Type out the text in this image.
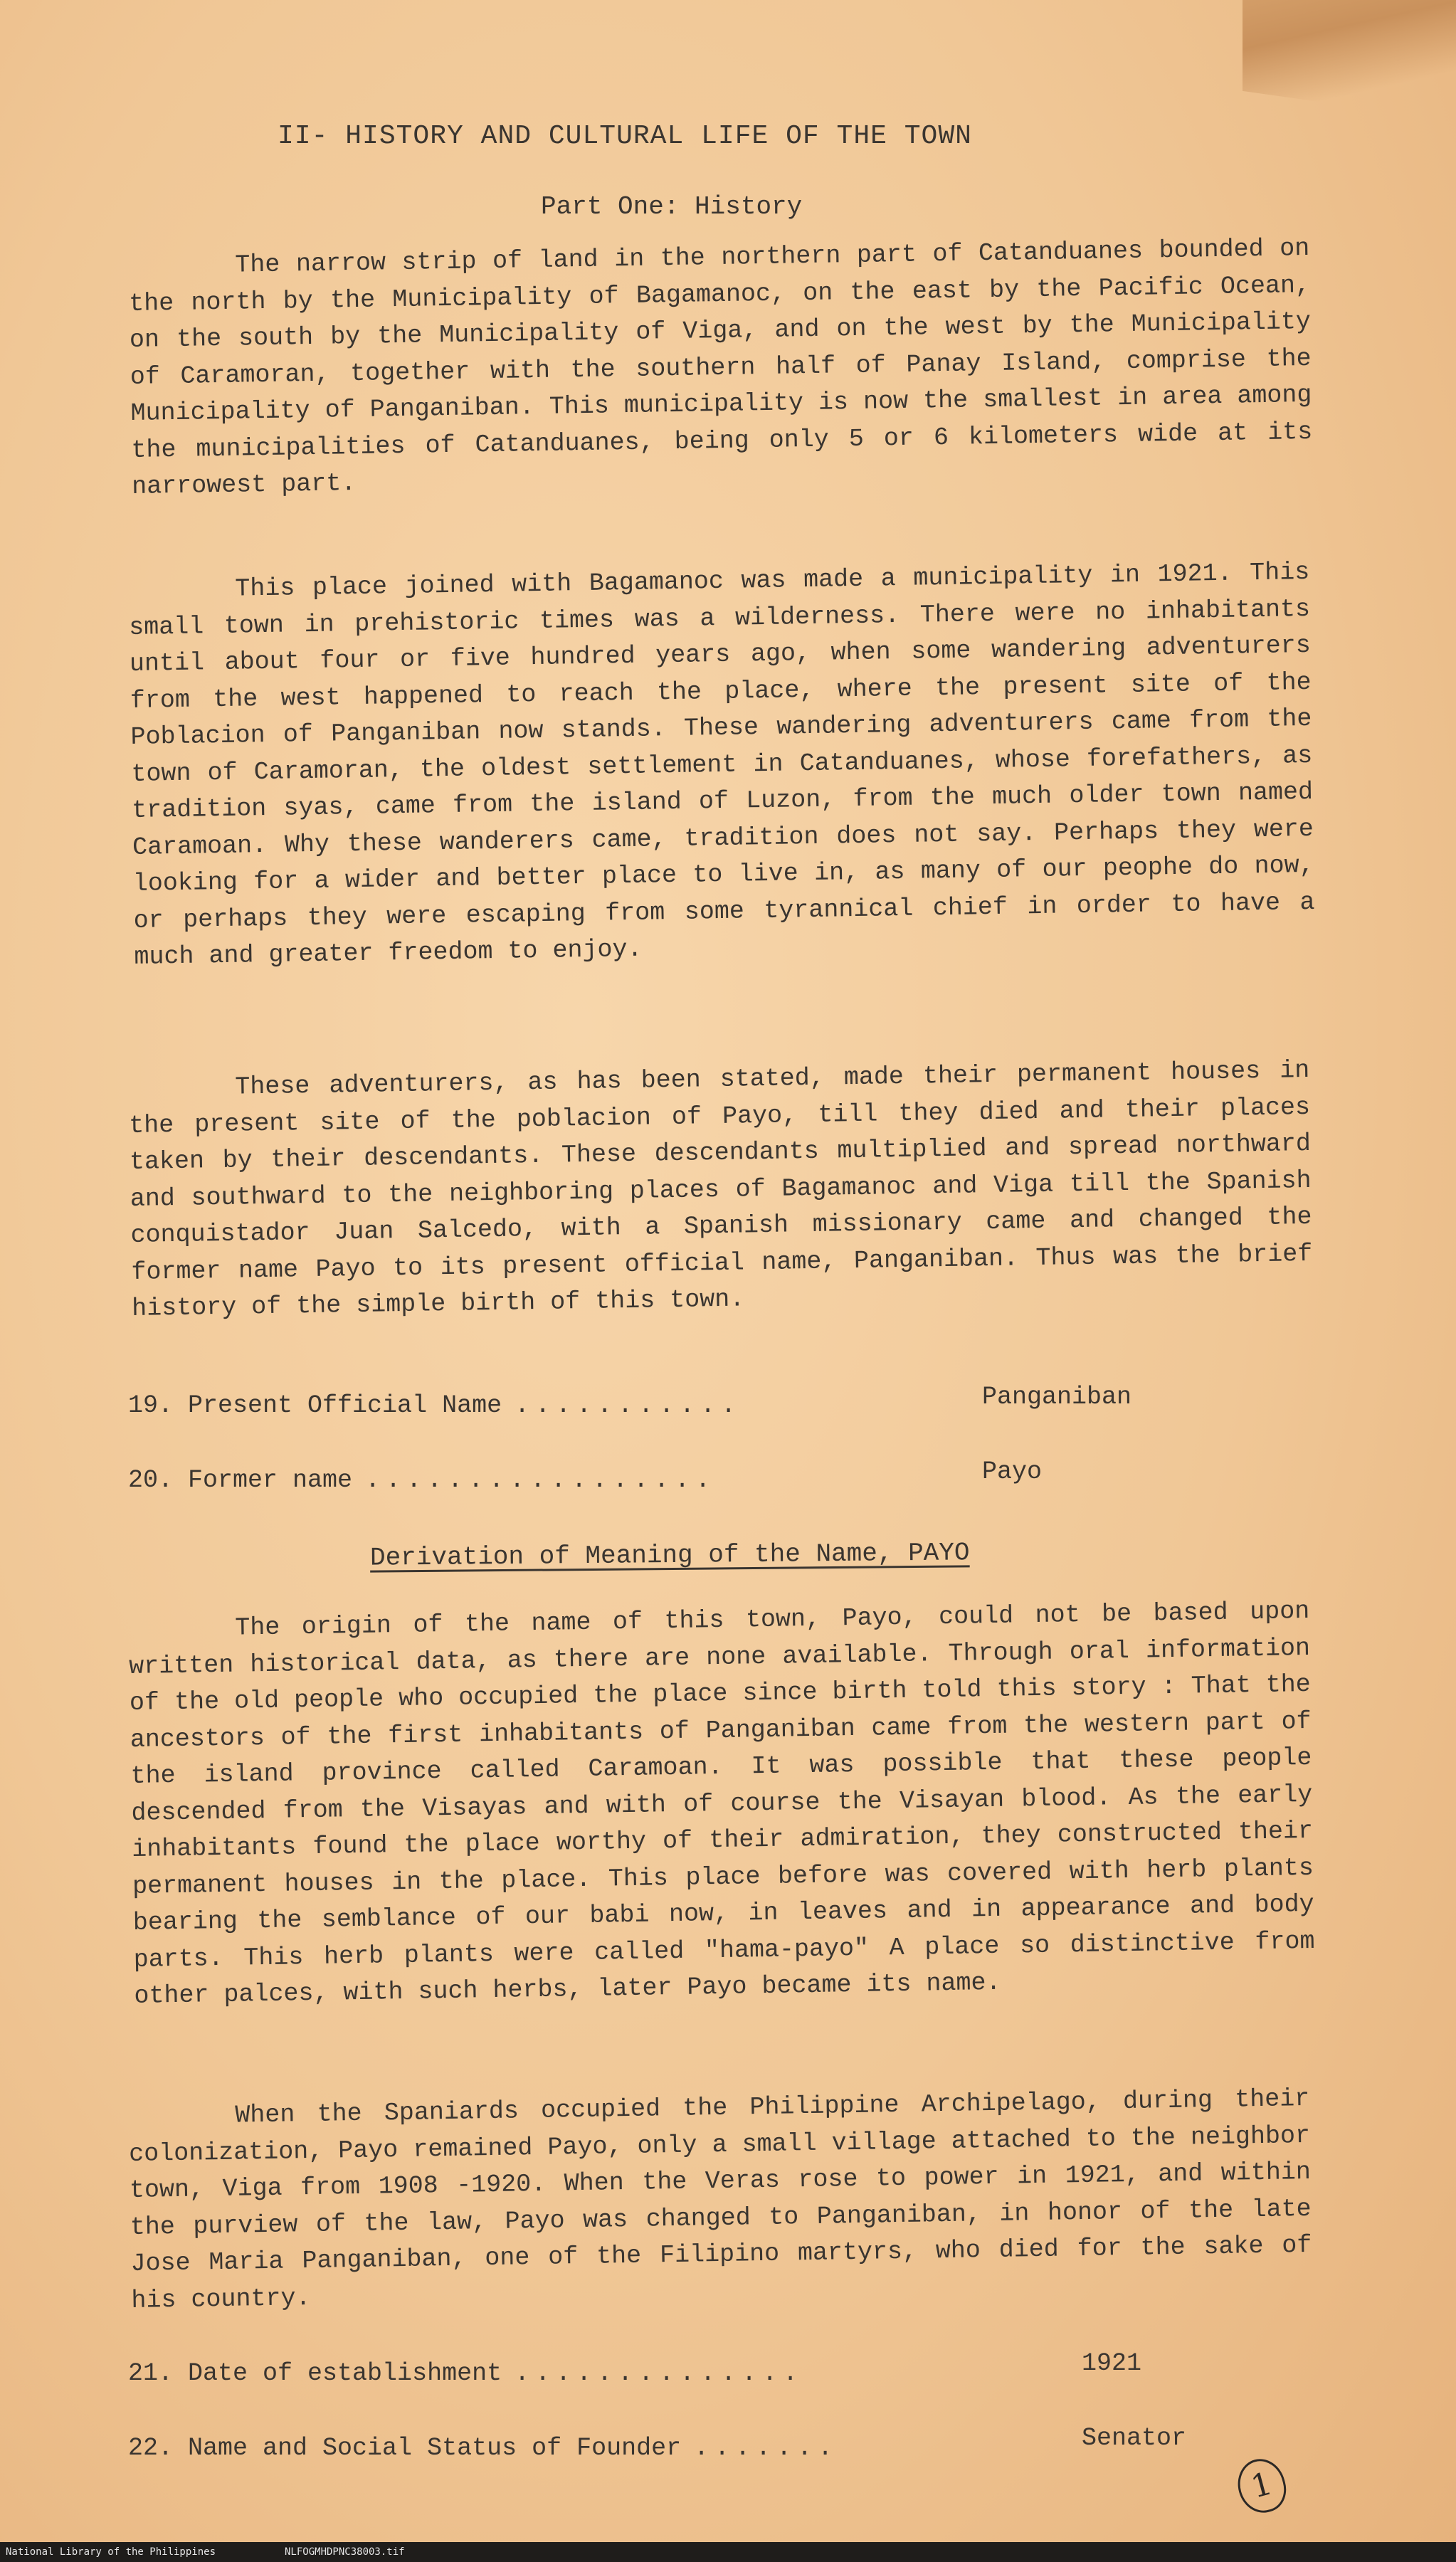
II- HISTORY AND CULTURAL LIFE OF THE TOWN
Part One: History

The narrow strip of land in the northern part of Catanduanes bounded on the north by the Municipality of Bagamanoc, on the east by the Pacific Ocean, on the south by the Municipality of Viga, and on the west by the Municipality of Caramoran, together with the southern half of Panay Island, comprise the Municipality of Panganiban. This municipality is now the smallest in area among the municipalities of Catanduanes, being only 5 or 6 kilometers wide at its narrowest part.

This place joined with Bagamanoc was made a municipality in 1921. This small town in prehistoric times was a wilderness. There were no inhabitants until about four or five hundred years ago, when some wandering adventurers from the west happened to reach the place, where the present site of the Poblacion of Panganiban now stands. These wandering adventurers came from the town of Caramoran, the oldest settlement in Catanduanes, whose forefathers, as tradition syas, came from the island of Luzon, from the much older town named Caramoan. Why these wanderers came, tradition does not say. Perhaps they were looking for a wider and better place to live in, as many of our peophe do now, or perhaps they were escaping from some tyrannical chief in order to have a much and greater freedom to enjoy.

These adventurers, as has been stated, made their permanent houses in the present site of the poblacion of Payo, till they died and their places taken by their descendants. These descendants multiplied and spread northward and southward to the neighboring places of Bagamanoc and Viga till the Spanish conquistador Juan Salcedo, with a Spanish missionary came and changed the former name Payo to its present official name, Panganiban. Thus was the brief history of the simple birth of this town.

19. Present Official Name ...........	Panganiban
20. Former name .................	Payo
Derivation of Meaning of the Name, PAYO

The origin of the name of this town, Payo, could not be based upon written historical data, as there are none available. Through oral information of the old people who occupied the place since birth told this story : That the ancestors of the first inhabitants of Panganiban came from the western part of the island province called Caramoan. It was possible that these people descended from the Visayas and with of course the Visayan blood. As the early inhabitants found the place worthy of their admiration, they constructed their permanent houses in the place. This place before was covered with herb plants bearing the semblance of our babi now, in leaves and in appearance and body parts. This herb plants were called "hama-payo" A place so distinctive from other palces, with such herbs, later Payo became its name.

When the Spaniards occupied the Philippine Archipelago, during their colonization, Payo remained Payo, only a small village attached to the neighbor town, Viga from 1908 -1920. When the Veras rose to power in 1921, and within the purview of the law, Payo was changed to Panganiban, in honor of the late Jose Maria Panganiban, one of the Filipino martyrs, who died for the sake of his country.

21. Date of establishment ..............	1921
22. Name and Social Status of Founder .......	Senator
1
National Library of the Philippines	NLFOGMHDPNC38003.tif
